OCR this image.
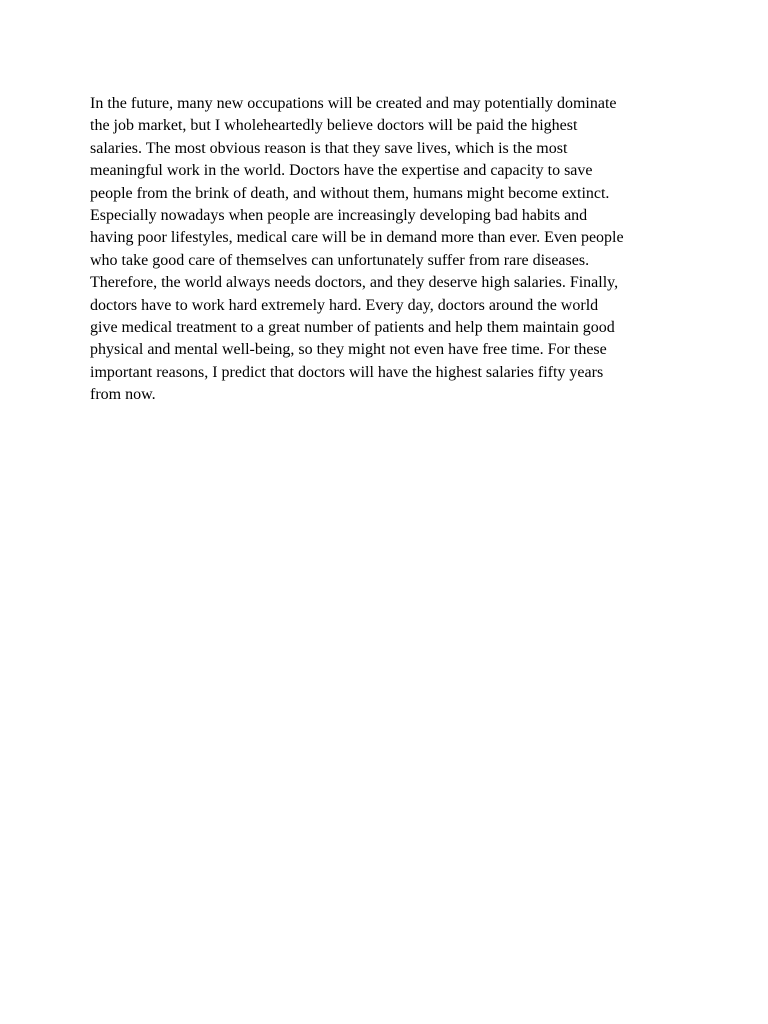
In the future, many new occupations will be created and may potentially dominate
the job market, but I wholeheartedly believe doctors will be paid the highest
salaries. The most obvious reason is that they save lives, which is the most
meaningful work in the world. Doctors have the expertise and capacity to save
people from the brink of death, and without them, humans might become extinct.
Especially nowadays when people are increasingly developing bad habits and
having poor lifestyles, medical care will be in demand more than ever. Even people
who take good care of themselves can unfortunately suffer from rare diseases.
Therefore, the world always needs doctors, and they deserve high salaries. Finally,
doctors have to work hard extremely hard. Every day, doctors around the world
give medical treatment to a great number of patients and help them maintain good
physical and mental well-being, so they might not even have free time. For these
important reasons, I predict that doctors will have the highest salaries fifty years
from now.
